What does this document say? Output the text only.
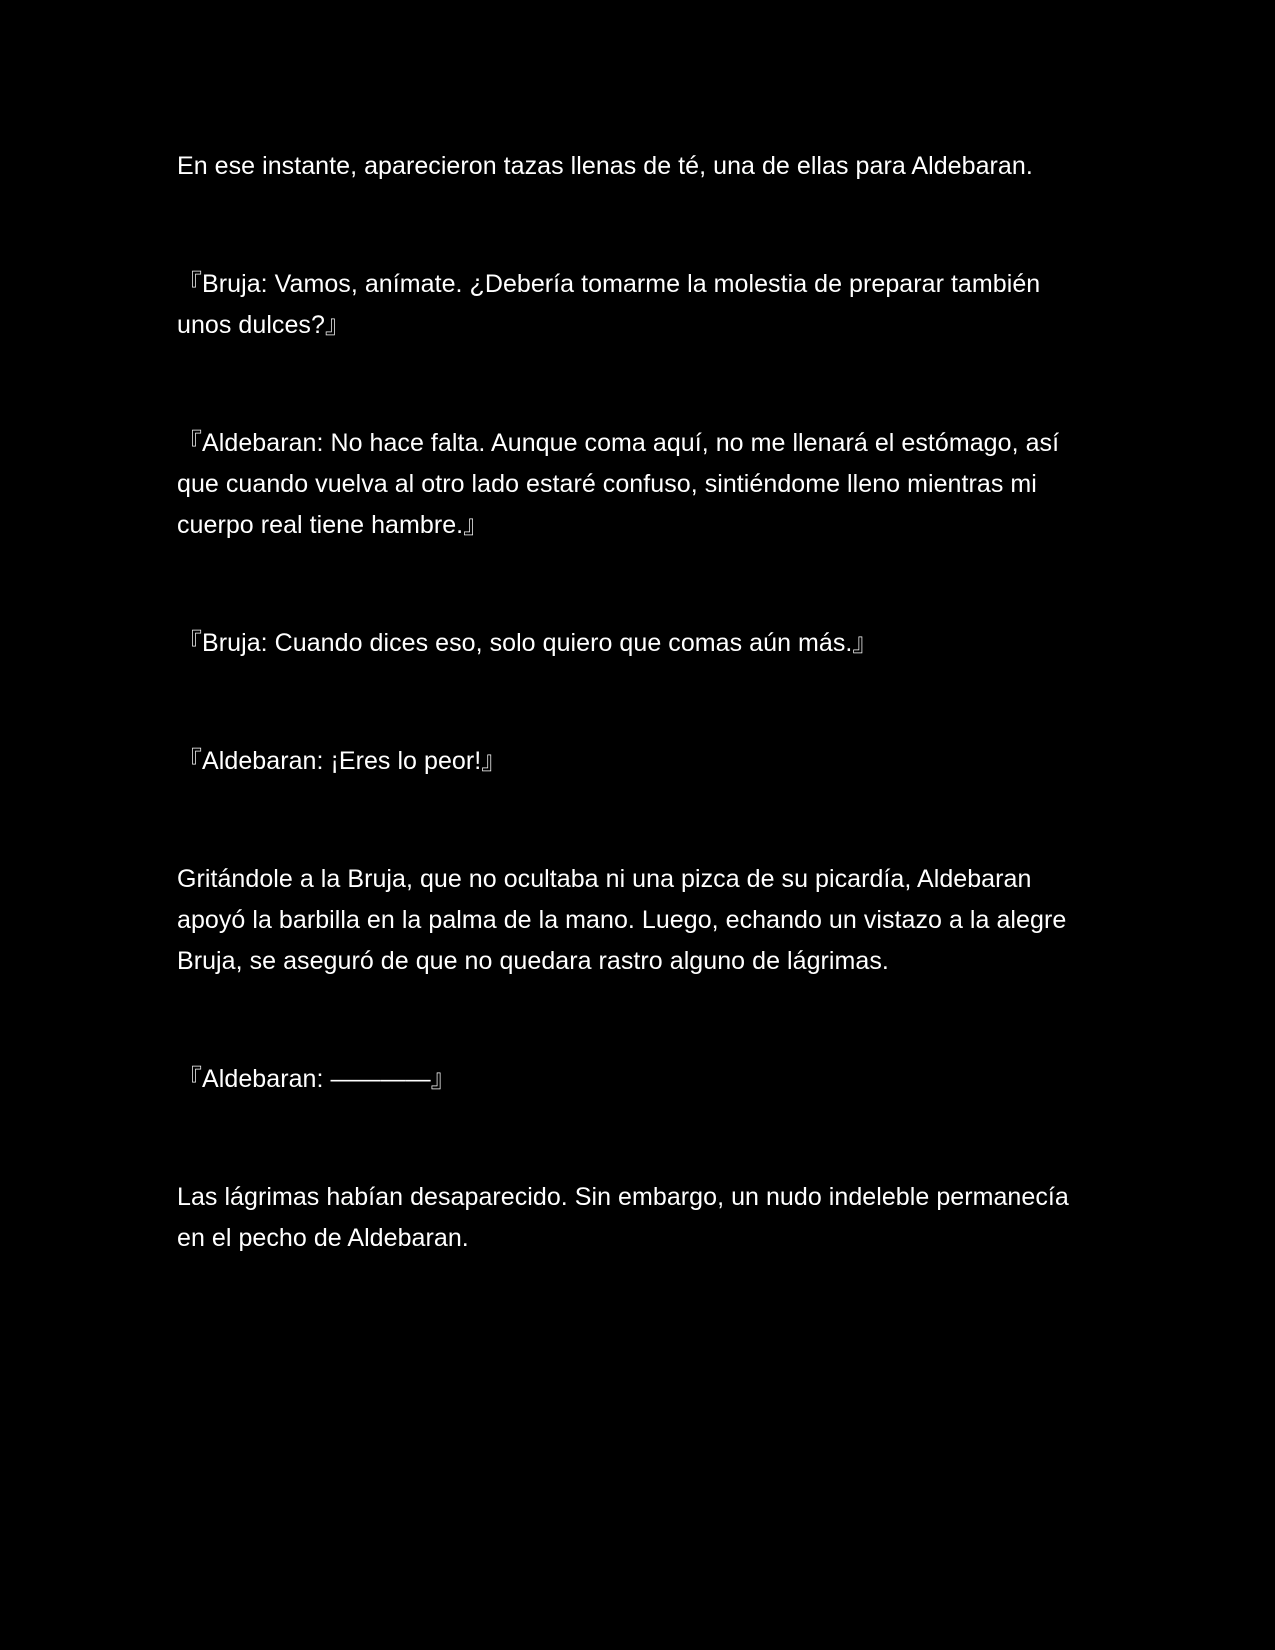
En ese instante, aparecieron tazas llenas de té, una de ellas para Aldebaran.

『Bruja: Vamos, anímate. ¿Debería tomarme la molestia de preparar también unos dulces?』

『Aldebaran: No hace falta. Aunque coma aquí, no me llenará el estómago, así que cuando vuelva al otro lado estaré confuso, sintiéndome lleno mientras mi cuerpo real tiene hambre.』

『Bruja: Cuando dices eso, solo quiero que comas aún más.』

『Aldebaran: ¡Eres lo peor!』

Gritándole a la Bruja, que no ocultaba ni una pizca de su picardía, Aldebaran apoyó la barbilla en la palma de la mano. Luego, echando un vistazo a la alegre Bruja, se aseguró de que no quedara rastro alguno de lágrimas.

『Aldebaran: ————』

Las lágrimas habían desaparecido. Sin embargo, un nudo indeleble permanecía en el pecho de Aldebaran.
